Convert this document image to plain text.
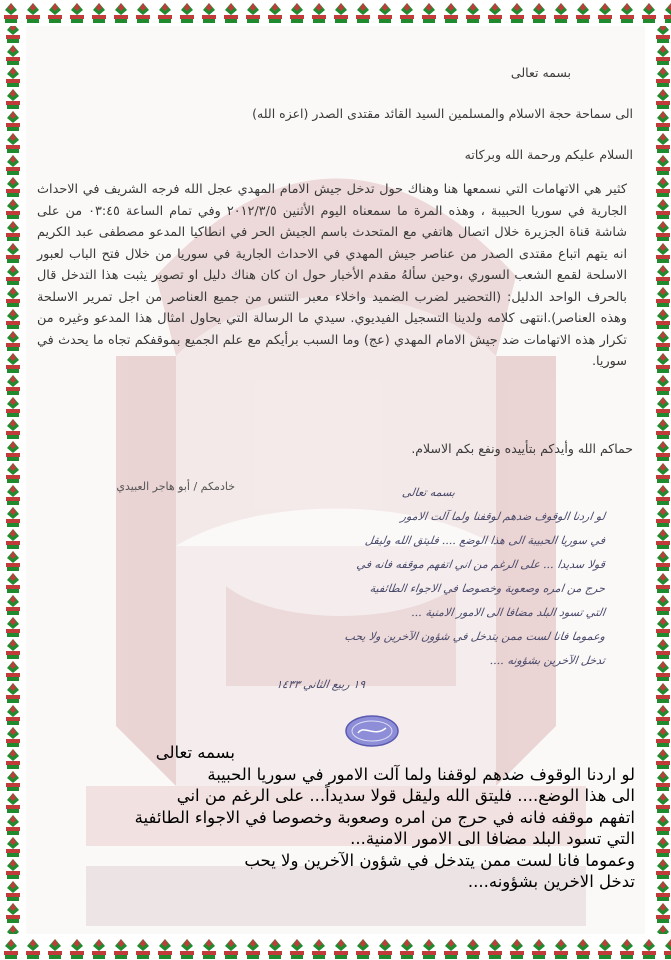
بسمه تعالى
الى سماحة حجة الاسلام والمسلمين السيد القائد مقتدى الصدر (اعزه الله)
السلام عليكم ورحمة الله وبركاته
كثير هي الاتهامات التي نسمعها هنا وهناك حول تدخل جيش الامام المهدي عجل الله فرجه الشريف في الاحداث الجارية في سوريا الحبيبة ، وهذه المرة ما سمعناه اليوم الأثنين ٢٠١٢/٣/٥ وفي تمام الساعة ٠٣:٤٥ من على شاشة قناة الجزيرة خلال اتصال هاتفي مع المتحدث باسم الجيش الحر في انطاكيا المدعو مصطفى عبد الكريم انه يتهم اتباع مقتدى الصدر من عناصر جيش المهدي في الاحداث الجارية في سوريا من خلال فتح الباب لعبور الاسلحة لقمع الشعب السوري ،وحين سألهُ مقدم الأخبار حول ان كان هناك دليل او تصوير يثبت هذا التدخل قال بالحرف الواحد الدليل: (التحضير لضرب الضميد واخلاء معبر التنس من جميع العناصر من اجل تمرير الاسلحة وهذه العناصر).انتهى كلامه ولدينا التسجيل الفيديوي. سيدي ما الرسالة التي يحاول امثال هذا المدعو وغيره من تكرار هذه الاتهامات ضد جيش الامام المهدي (عج) وما السبب برأيكم مع علم الجميع بموقفكم تجاه ما يحدث في سوريا.
حماكم الله وأيدكم بتأييده ونفع بكم الاسلام.
خادمكم / أبو هاجر العبيدي	بسمه تعالى

لو اردنا الوقوف ضدهم لوقفنا ولما آلت الامور

في سوريا الحبيبة الى هذا الوضع .... فليتق الله وليقل

قولا سديدا ... على الرغم من اني اتفهم موقفه فانه في

حرج من امره وصعوبة وخصوصا في الاجواء الطائفية

التي تسود البلد مضافا الى الامور الامنية ...

وعموما فانا لست ممن يتدخل في شؤون الآخرين ولا يحب

تدخل الآخرين بشؤونه ....

١٩ ربيع الثاني ١٤٣٣

بسمه تعالى

لو اردنا الوقوف ضدهم لوقفنا ولما آلت الامور في سوريا الحبيبة

الى هذا الوضع.... فليتق الله وليقل قولا سديداً... على الرغم من اني

اتفهم موقفه فانه في حرج من امره وصعوبة وخصوصا في الاجواء الطائفية

التي تسود البلد مضافا الى الامور الامنية...

وعموما فانا لست ممن يتدخل في شؤون الآخرين ولا يحب

تدخل الاخرين بشؤونه....
